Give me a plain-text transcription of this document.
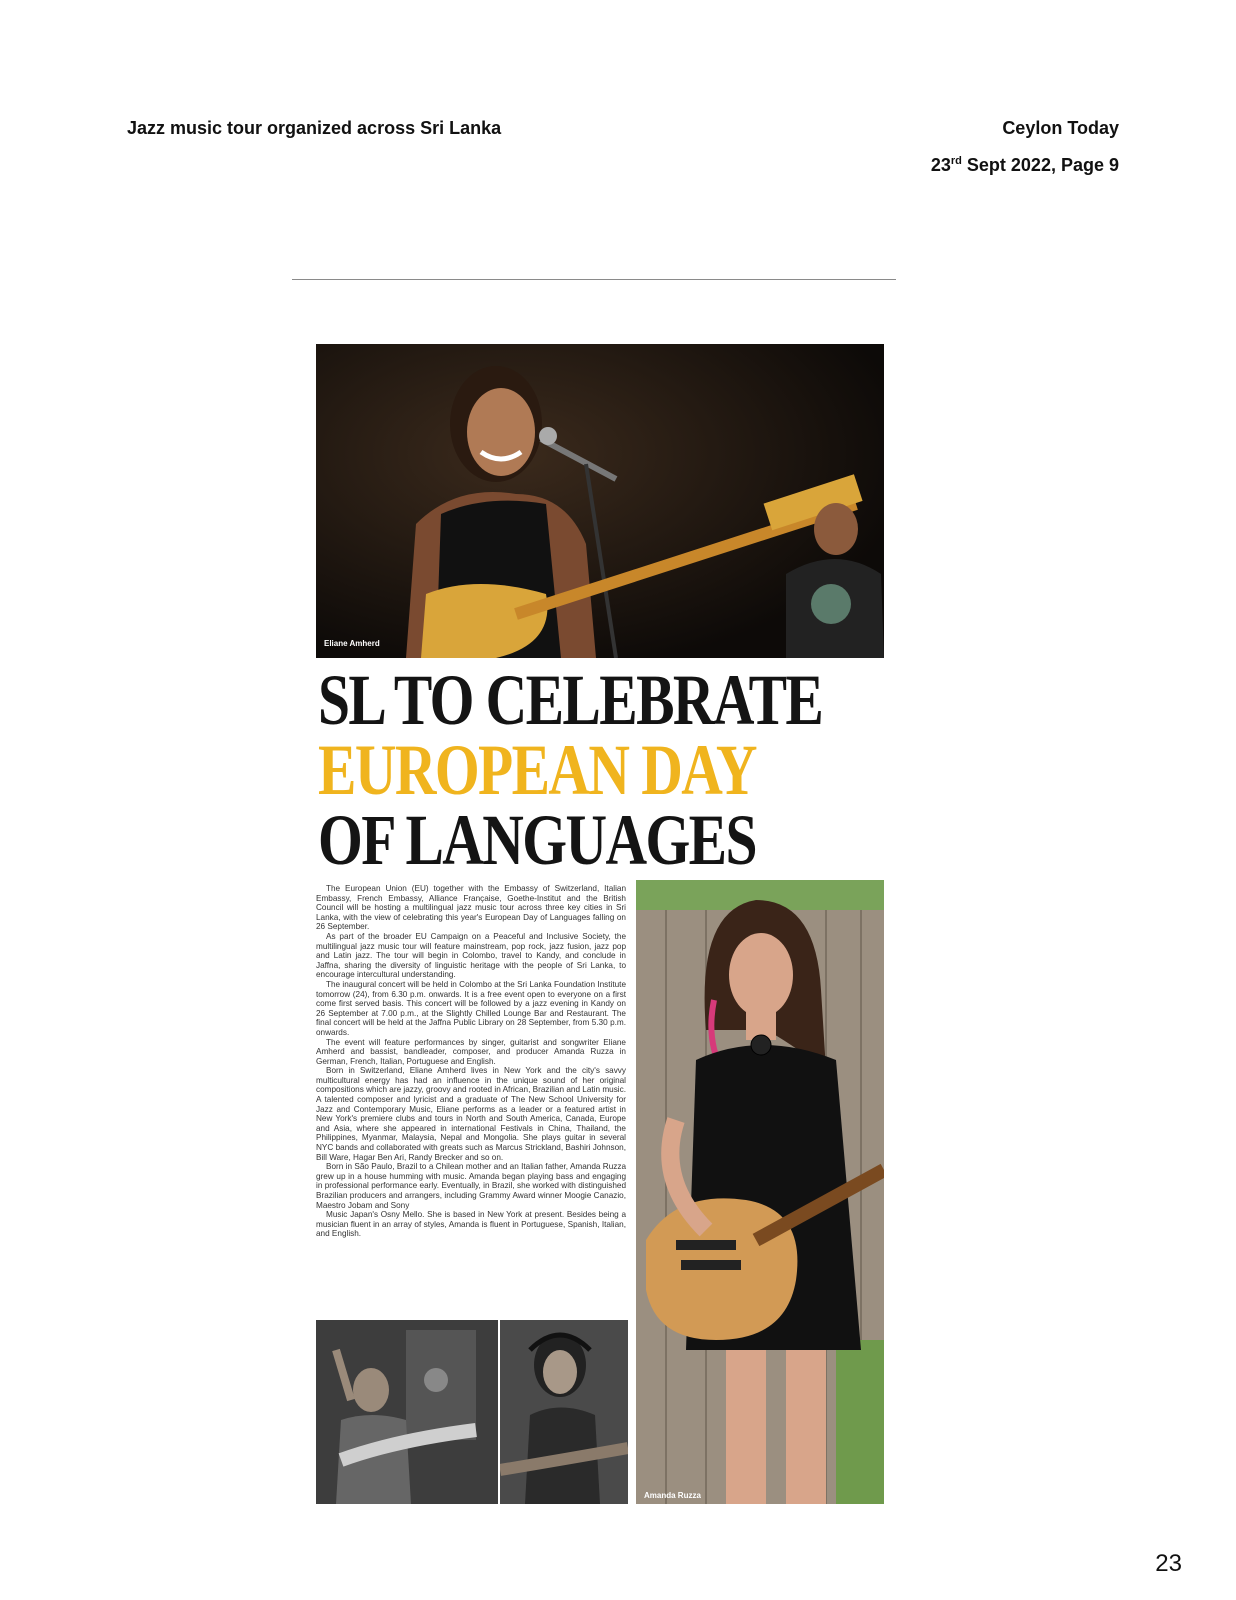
Jazz music tour organized across Sri Lanka	Ceylon Today
23rd Sept 2022, Page 9
Eliane Amherd
SL TO CELEBRATE
EUROPEAN DAY
OF LANGUAGES

The European Union (EU) together with the Embassy of Switzerland, Italian Embassy, French Embassy, Alliance Française, Goethe-Institut and the British Council will be hosting a multilingual jazz music tour across three key cities in Sri Lanka, with the view of celebrating this year's European Day of Languages falling on 26 September.

As part of the broader EU Campaign on a Peaceful and Inclusive Society, the multilingual jazz music tour will feature mainstream, pop rock, jazz fusion, jazz pop and Latin jazz. The tour will begin in Colombo, travel to Kandy, and conclude in Jaffna, sharing the diversity of linguistic heritage with the people of Sri Lanka, to encourage intercultural understanding.

The inaugural concert will be held in Colombo at the Sri Lanka Foundation Institute tomorrow (24), from 6.30 p.m. onwards. It is a free event open to everyone on a first come first served basis. This concert will be followed by a jazz evening in Kandy on 26 September at 7.00 p.m., at the Slightly Chilled Lounge Bar and Restaurant. The final concert will be held at the Jaffna Public Library on 28 September, from 5.30 p.m. onwards.

The event will feature performances by singer, guitarist and songwriter Eliane Amherd and bassist, bandleader, composer, and producer Amanda Ruzza in German, French, Italian, Portuguese and English.

Born in Switzerland, Eliane Amherd lives in New York and the city's savvy multicultural energy has had an influence in the unique sound of her original compositions which are jazzy, groovy and rooted in African, Brazilian and Latin music. A talented composer and lyricist and a graduate of The New School University for Jazz and Contemporary Music, Eliane performs as a leader or a featured artist in New York's premiere clubs and tours in North and South America, Canada, Europe and Asia, where she appeared in international Festivals in China, Thailand, the Philippines, Myanmar, Malaysia, Nepal and Mongolia. She plays guitar in several NYC bands and collaborated with greats such as Marcus Strickland, Bashiri Johnson, Bill Ware, Hagar Ben Ari, Randy Brecker and so on.

Born in São Paulo, Brazil to a Chilean mother and an Italian father, Amanda Ruzza grew up in a house humming with music. Amanda began playing bass and engaging in professional performance early. Eventually, in Brazil, she worked with distinguished Brazilian producers and arrangers, including Grammy Award winner Moogie Canazio, Maestro Jobam and Sony

Music Japan's Osny Mello. She is based in New York at present. Besides being a musician fluent in an array of styles, Amanda is fluent in Portuguese, Spanish, Italian, and English.

Amanda Ruzza
23
